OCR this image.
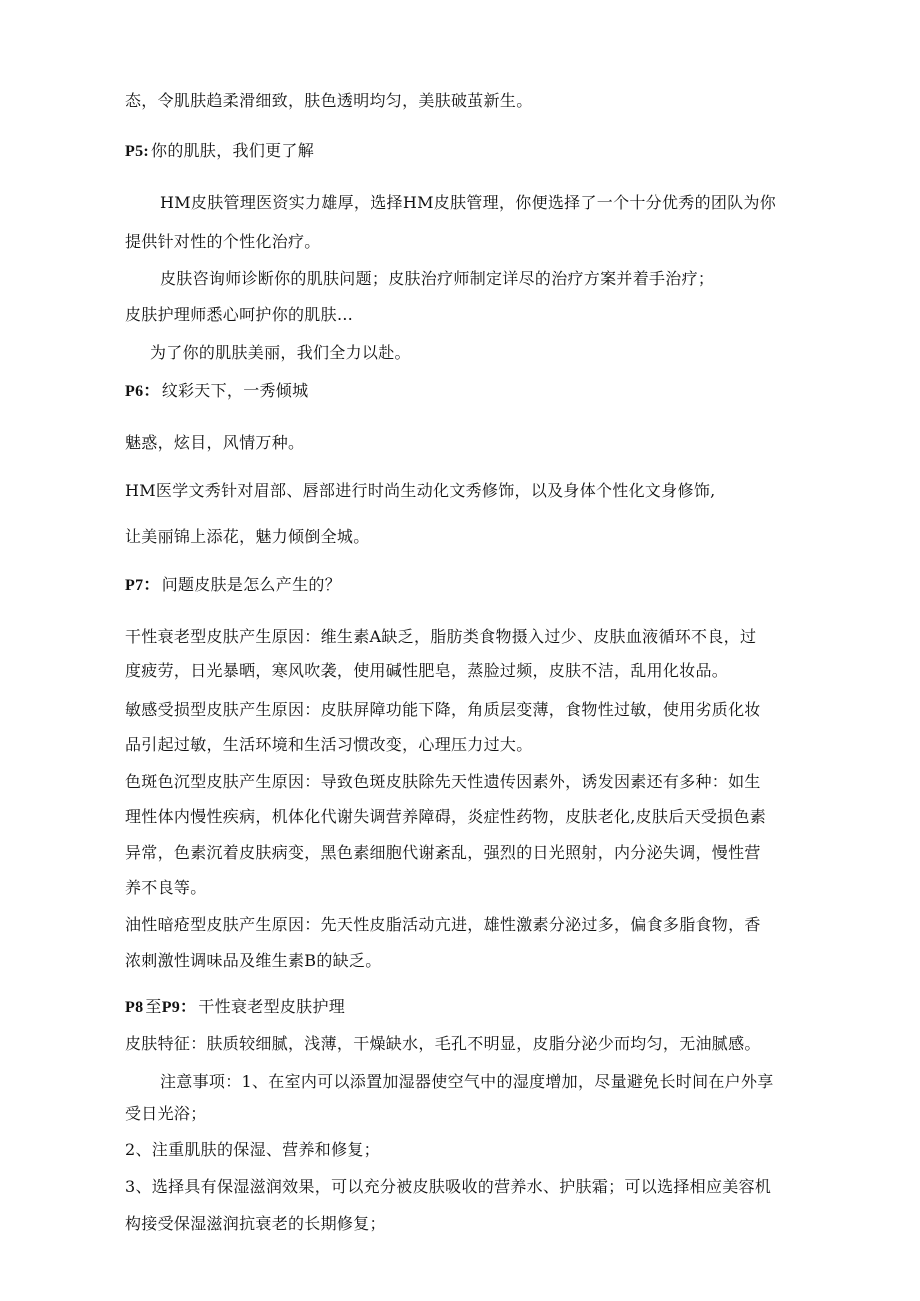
态，令肌肤趋柔滑细致，肤色透明均匀，美肤破茧新生。

P5: 你的肌肤，我们更了解

HM皮肤管理医资实力雄厚，选择HM皮肤管理，你便选择了一个十分优秀的团队为你

提供针对性的个性化治疗。

皮肤咨询师诊断你的肌肤问题；皮肤治疗师制定详尽的治疗方案并着手治疗；

皮肤护理师悉心呵护你的肌肤…

为了你的肌肤美丽，我们全力以赴。

P6： 纹彩天下，一秀倾城

魅惑，炫目，风情万种。

HM医学文秀针对眉部、唇部进行时尚生动化文秀修饰，以及身体个性化文身修饰,

让美丽锦上添花，魅力倾倒全城。

P7： 问题皮肤是怎么产生的？

干性衰老型皮肤产生原因：维生素A缺乏，脂肪类食物摄入过少、皮肤血液循环不良，过

度疲劳，日光暴晒，寒风吹袭，使用碱性肥皂，蒸脸过频，皮肤不洁，乱用化妆品。

敏感受损型皮肤产生原因：皮肤屏障功能下降，角质层变薄，食物性过敏，使用劣质化妆

品引起过敏，生活环境和生活习惯改变，心理压力过大。

色斑色沉型皮肤产生原因：导致色斑皮肤除先天性遗传因素外，诱发因素还有多种：如生

理性体内慢性疾病，机体化代谢失调营养障碍，炎症性药物，皮肤老化,皮肤后天受损色素

异常，色素沉着皮肤病变，黑色素细胞代谢紊乱，强烈的日光照射，内分泌失调，慢性营

养不良等。

油性暗疮型皮肤产生原因：先天性皮脂活动亢进，雄性激素分泌过多，偏食多脂食物，香

浓刺激性调味品及维生素B的缺乏。

P8 至P9： 干性衰老型皮肤护理

皮肤特征：肤质较细腻，浅薄，干燥缺水，毛孔不明显，皮脂分泌少而均匀，无油腻感。

注意事项：1、在室内可以添置加湿器使空气中的湿度增加，尽量避免长时间在户外享

受日光浴；

2、注重肌肤的保湿、营养和修复；

3、选择具有保湿滋润效果，可以充分被皮肤吸收的营养水、护肤霜；可以选择相应美容机

构接受保湿滋润抗衰老的长期修复；
